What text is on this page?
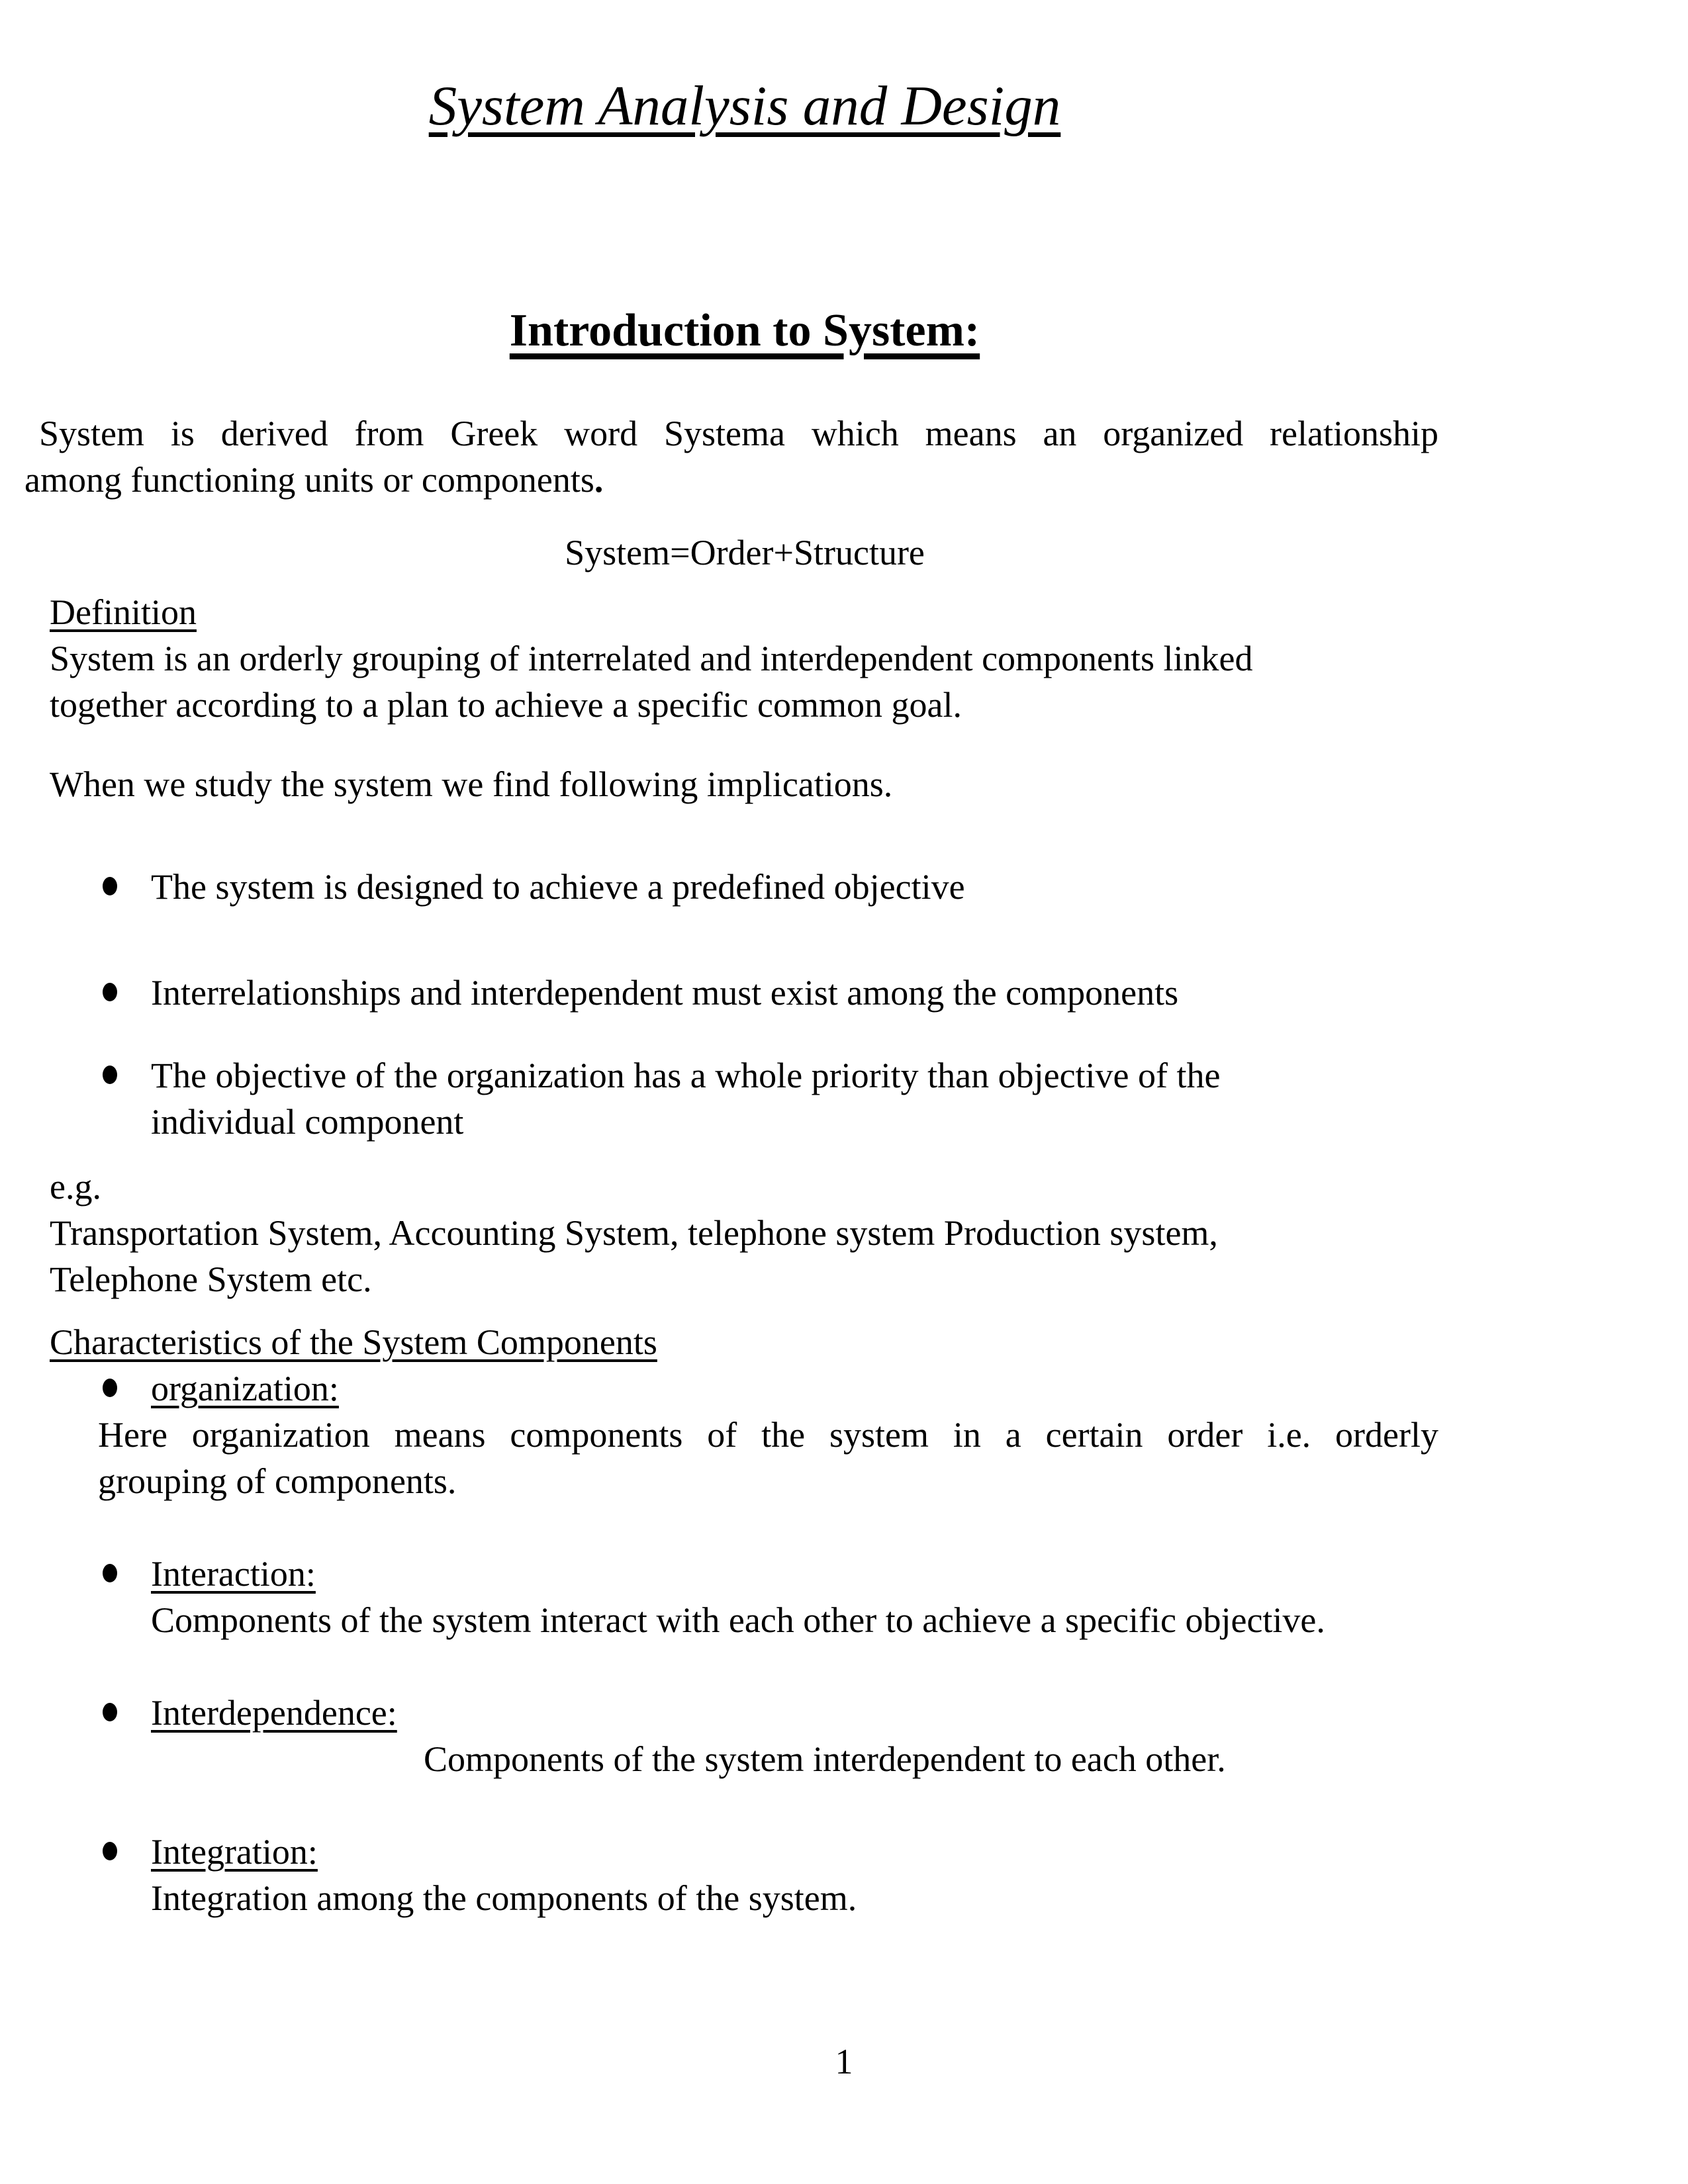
System Analysis and Design
Introduction to System:
System is derived from Greek word Systema which means an organized relationship
among functioning units or components.
System=Order+Structure
Definition
System is an orderly grouping of interrelated and interdependent components linked
together according to a plan to achieve a specific common goal.
When we study the system we find following implications.
The system is designed to achieve a predefined objective
Interrelationships and interdependent must exist among the components
The objective of the organization has a whole priority than objective of the
individual component
e.g.
Transportation System, Accounting System, telephone system Production system,
Telephone System etc.
Characteristics of the System Components
organization:
Here organization means components of the system in a certain order i.e. orderly
grouping of components.
Interaction:
Components of the system interact with each other to achieve a specific objective.
Interdependence:
Components of the system interdependent to each other.
Integration:
Integration among the components of the system.
1
